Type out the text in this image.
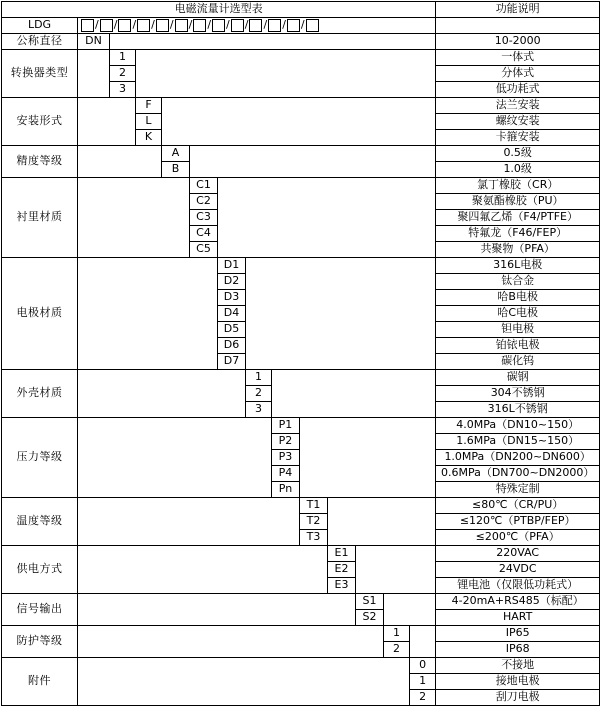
电磁流量计选型表														功能说明
LDG	/ / / / / / / / / / / /

公称直径	DN													10-2000
转换器类型		1												一体式
		2												分体式
		3												低功耗式
安装形式			F											法兰安装
			L											螺纹安装
			K											卡箍安装
精度等级				A										0.5级
				B										1.0级
衬里材质					C1									氯丁橡胶（CR）
					C2									聚氨酯橡胶（PU）
					C3									聚四氟乙烯（F4/PTFE）
					C4									特氟龙（F46/FEP）
					C5									共聚物（PFA）
电极材质						D1								316L电极
						D2								钛合金
						D3								哈B电极
						D4								哈C电极
						D5								钽电极
						D6								铂铱电极
						D7								碳化钨
外壳材质							1							碳钢
							2							304不锈钢
							3							316L不锈钢
压力等级								P1						4.0MPa（DN10~150）
								P2						1.6MPa（DN15~150）
								P3						1.0MPa（DN200~DN600）
								P4						0.6MPa（DN700~DN2000）
								Pn						特殊定制
温度等级									T1					≤80℃（CR/PU）
									T2					≤120℃（PTBP/FEP）
									T3					≤200℃（PFA）
供电方式										E1				220VAC
										E2				24VDC
										E3				锂电池（仅限低功耗式）
信号输出											S1			4-20mA+RS485（标配）
											S2			HART
防护等级												1		IP65
												2		IP68
附件													0	不接地
													1	接地电极
													2	刮刀电极
